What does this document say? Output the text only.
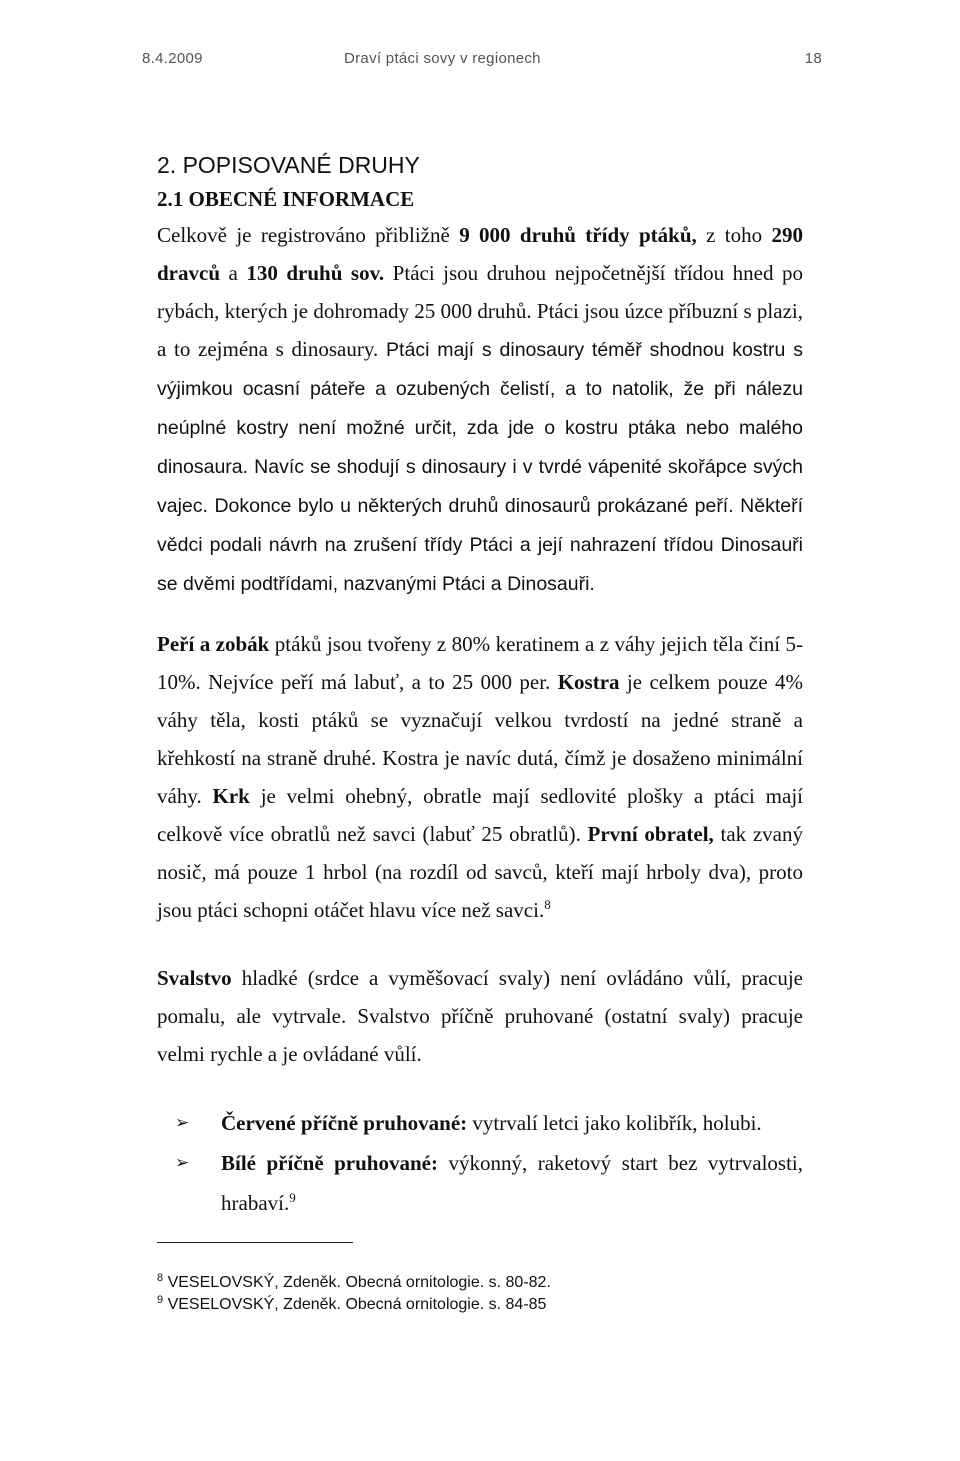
8.4.2009	Draví ptáci sovy v regionech	18
2. POPISOVANÉ DRUHY
2.1 OBECNÉ INFORMACE

Celkově je registrováno přibližně 9 000 druhů třídy ptáků, z toho 290 dravců a 130 druhů sov. Ptáci jsou druhou nejpočetnější třídou hned po rybách, kterých je dohromady 25 000 druhů. Ptáci jsou úzce příbuzní s plazi, a to zejména s dinosaury. Ptáci mají s dinosaury téměř shodnou kostru s výjimkou ocasní páteře a ozubených čelistí, a to natolik, že při nálezu neúplné kostry není možné určit, zda jde o kostru ptáka nebo malého dinosaura. Navíc se shodují s dinosaury i v tvrdé vápenité skořápce svých vajec. Dokonce bylo u některých druhů dinosaurů prokázané peří. Někteří vědci podali návrh na zrušení třídy Ptáci a její nahrazení třídou Dinosauři se dvěmi podtřídami, nazvanými Ptáci a Dinosauři.

Peří a zobák ptáků jsou tvořeny z 80% keratinem a z váhy jejich těla činí 5- 10%. Nejvíce peří má labuť, a to 25 000 per. Kostra je celkem pouze 4% váhy těla, kosti ptáků se vyznačují velkou tvrdostí na jedné straně a křehkostí na straně druhé. Kostra je navíc dutá, čímž je dosaženo minimální váhy. Krk je velmi ohebný, obratle mají sedlovité plošky a ptáci mají celkově více obratlů než savci (labuť 25 obratlů). První obratel, tak zvaný nosič, má pouze 1 hrbol (na rozdíl od savců, kteří mají hrboly dva), proto jsou ptáci schopni otáčet hlavu více než savci.$^8$

Svalstvo hladké (srdce a vyměšovací svaly) není ovládáno vůlí, pracuje pomalu, ale vytrvale. Svalstvo příčně pruhované (ostatní svaly) pracuje velmi rychle a je ovládané vůlí.

➢ Červené příčně pruhované: vytrvalí letci jako kolibřík, holubi.
➢ Bílé příčně pruhované: výkonný, raketový start bez vytrvalosti, hrabaví.$^9$
$^8$ VESELOVSKÝ, Zdeněk. Obecná ornitologie. s. 80-82.
$^9$ VESELOVSKÝ, Zdeněk. Obecná ornitologie. s. 84-85
